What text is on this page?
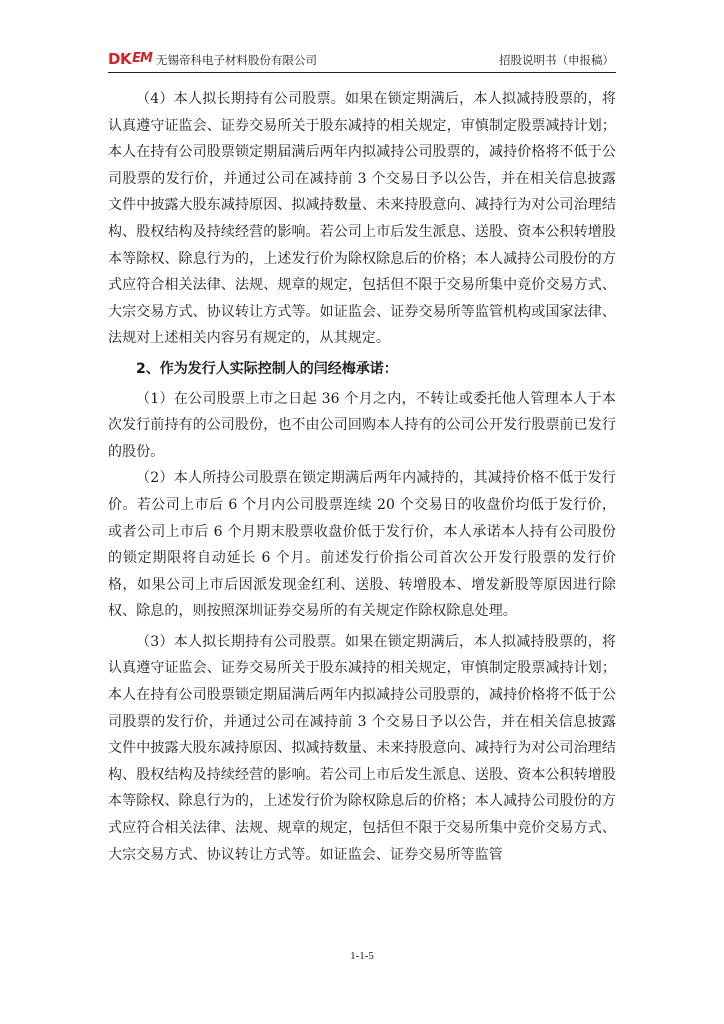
DK EM 无锡帝科电子材料股份有限公司	招股说明书（申报稿）

（4）本人拟长期持有公司股票。如果在锁定期满后，本人拟减持股票的，将认真遵守证监会、证券交易所关于股东减持的相关规定，审慎制定股票减持计划；本人在持有公司股票锁定期届满后两年内拟减持公司股票的，减持价格将不低于公司股票的发行价，并通过公司在减持前 3 个交易日予以公告，并在相关信息披露文件中披露大股东减持原因、拟减持数量、未来持股意向、减持行为对公司治理结构、股权结构及持续经营的影响。若公司上市后发生派息、送股、资本公积转增股本等除权、除息行为的，上述发行价为除权除息后的价格；本人减持公司股份的方式应符合相关法律、法规、规章的规定，包括但不限于交易所集中竞价交易方式、大宗交易方式、协议转让方式等。如证监会、证券交易所等监管机构或国家法律、法规对上述相关内容另有规定的，从其规定。

2、作为发行人实际控制人的闫经梅承诺：

（1）在公司股票上市之日起 36 个月之内，不转让或委托他人管理本人于本次发行前持有的公司股份，也不由公司回购本人持有的公司公开发行股票前已发行的股份。

（2）本人所持公司股票在锁定期满后两年内减持的，其减持价格不低于发行价。若公司上市后 6 个月内公司股票连续 20 个交易日的收盘价均低于发行价，或者公司上市后 6 个月期末股票收盘价低于发行价，本人承诺本人持有公司股份的锁定期限将自动延长 6 个月。前述发行价指公司首次公开发行股票的发行价格，如果公司上市后因派发现金红利、送股、转增股本、增发新股等原因进行除权、除息的，则按照深圳证券交易所的有关规定作除权除息处理。

（3）本人拟长期持有公司股票。如果在锁定期满后，本人拟减持股票的，将认真遵守证监会、证券交易所关于股东减持的相关规定，审慎制定股票减持计划；本人在持有公司股票锁定期届满后两年内拟减持公司股票的，减持价格将不低于公司股票的发行价，并通过公司在减持前 3 个交易日予以公告，并在相关信息披露文件中披露大股东减持原因、拟减持数量、未来持股意向、减持行为对公司治理结构、股权结构及持续经营的影响。若公司上市后发生派息、送股、资本公积转增股本等除权、除息行为的，上述发行价为除权除息后的价格；本人减持公司股份的方式应符合相关法律、法规、规章的规定，包括但不限于交易所集中竞价交易方式、大宗交易方式、协议转让方式等。如证监会、证券交易所等监管

1-1-5
